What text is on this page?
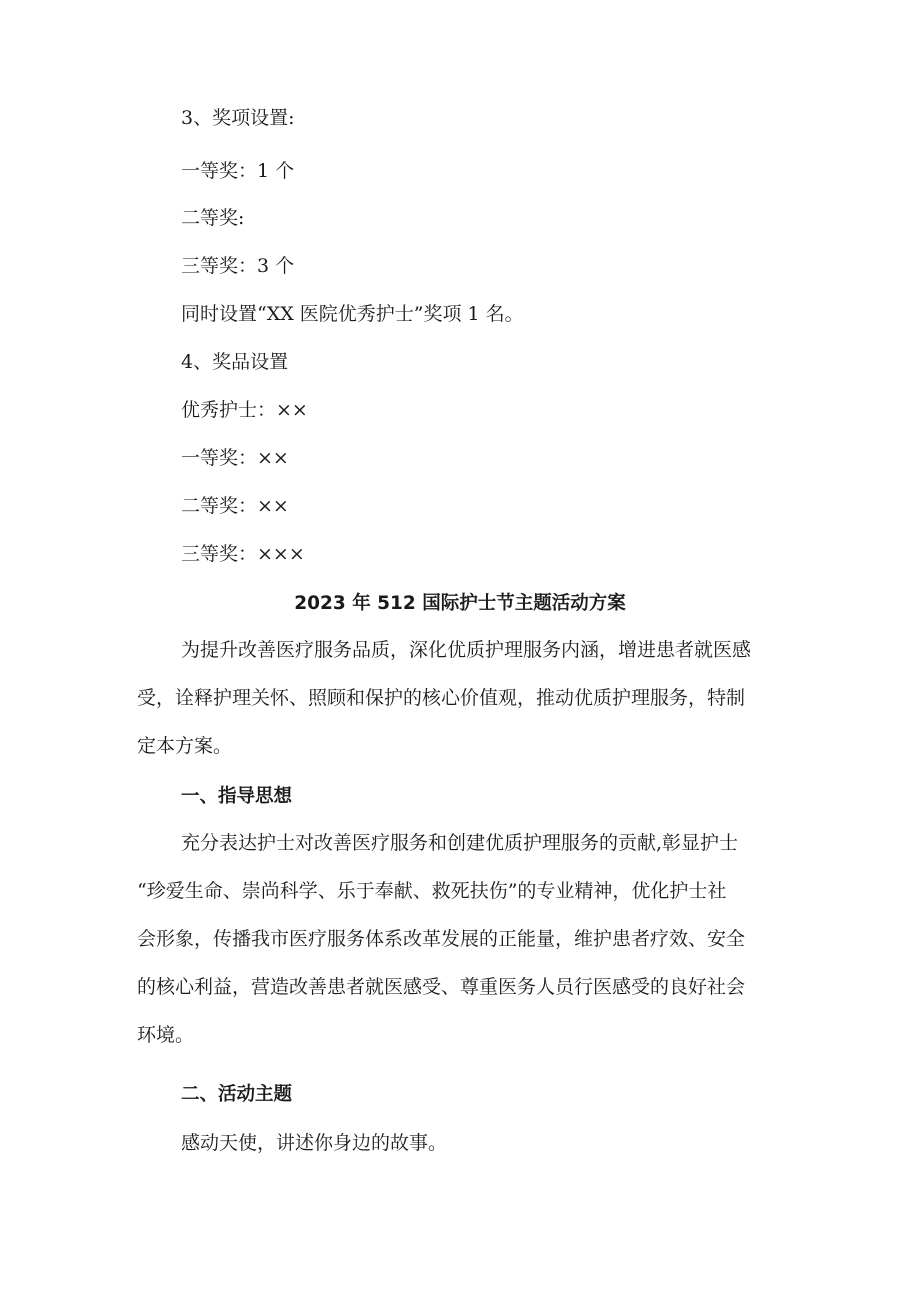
3、奖项设置:
一等奖：1 个
二等奖:
三等奖：3 个
同时设置“XX 医院优秀护士”奖项 1 名。
4、奖品设置
优秀护士：××
一等奖：××
二等奖：××
三等奖：×××
2023 年 512 国际护士节主题活动方案
为提升改善医疗服务品质，深化优质护理服务内涵，增进患者就医感
受，诠释护理关怀、照顾和保护的核心价值观，推动优质护理服务，特制
定本方案。
一、指导思想
充分表达护士对改善医疗服务和创建优质护理服务的贡献,彰显护士
“珍爱生命、崇尚科学、乐于奉献、救死扶伤”的专业精神，优化护士社
会形象，传播我市医疗服务体系改革发展的正能量，维护患者疗效、安全
的核心利益，营造改善患者就医感受、尊重医务人员行医感受的良好社会
环境。
二、活动主题
感动天使，讲述你身边的故事。
